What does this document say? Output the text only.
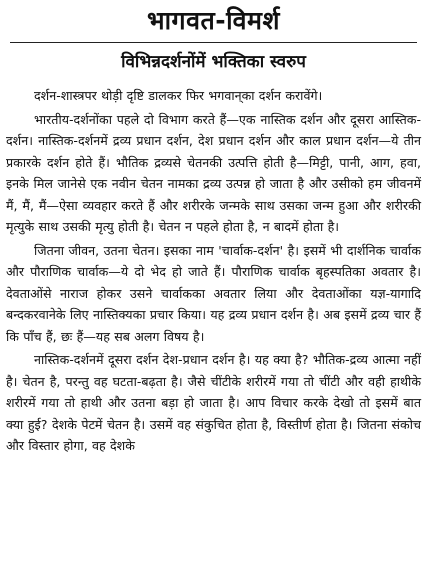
भागवत-विमर्श
विभिन्नदर्शनोंमें भक्तिका स्वरुप

दर्शन-शास्त्रपर थोड़ी दृष्टि डालकर फिर भगवान्‌का दर्शन करावेंगे।

भारतीय-दर्शनोंका पहले दो विभाग करते हैं—एक नास्तिक दर्शन और दूसरा आस्तिक-दर्शन। नास्तिक-दर्शनमें द्रव्य प्रधान दर्शन, देश प्रधान दर्शन और काल प्रधान दर्शन—ये तीन प्रकारके दर्शन होते हैं। भौतिक द्रव्यसे चेतनकी उत्पत्ति होती है—मिट्टी, पानी, आग, हवा, इनके मिल जानेसे एक नवीन चेतन नामका द्रव्य उत्पन्न हो जाता है और उसीको हम जीवनमें मैं, मैं, मैं—ऐसा व्यवहार करते हैं और शरीरके जन्मके साथ उसका जन्म हुआ और शरीरकी मृत्युके साथ उसकी मृत्यु होती है। चेतन न पहले होता है, न बादमें होता है।

जितना जीवन, उतना चेतन। इसका नाम 'चार्वाक-दर्शन' है। इसमें भी दार्शनिक चार्वाक और पौराणिक चार्वाक—ये दो भेद हो जाते हैं। पौराणिक चार्वाक बृहस्पतिका अवतार है। देवताओंसे नाराज होकर उसने चार्वाकका अवतार लिया और देवताओंका यज्ञ-यागादि बन्दकरवानेके लिए नास्तिक्यका प्रचार किया। यह द्रव्य प्रधान दर्शन है। अब इसमें द्रव्य चार हैं कि पाँच हैं, छः हैं—यह सब अलग विषय है।

नास्तिक-दर्शनमें दूसरा दर्शन देश-प्रधान दर्शन है। यह क्या है? भौतिक-द्रव्य आत्मा नहीं है। चेतन है, परन्तु वह घटता-बढ़ता है। जैसे चींटीके शरीरमें गया तो चींटी और वही हाथीके शरीरमें गया तो हाथी और उतना बड़ा हो जाता है। आप विचार करके देखो तो इसमें बात क्या हुई? देशके पेटमें चेतन है। उसमें वह संकुचित होता है, विस्तीर्ण होता है। जितना संकोच और विस्तार होगा, वह देशके
